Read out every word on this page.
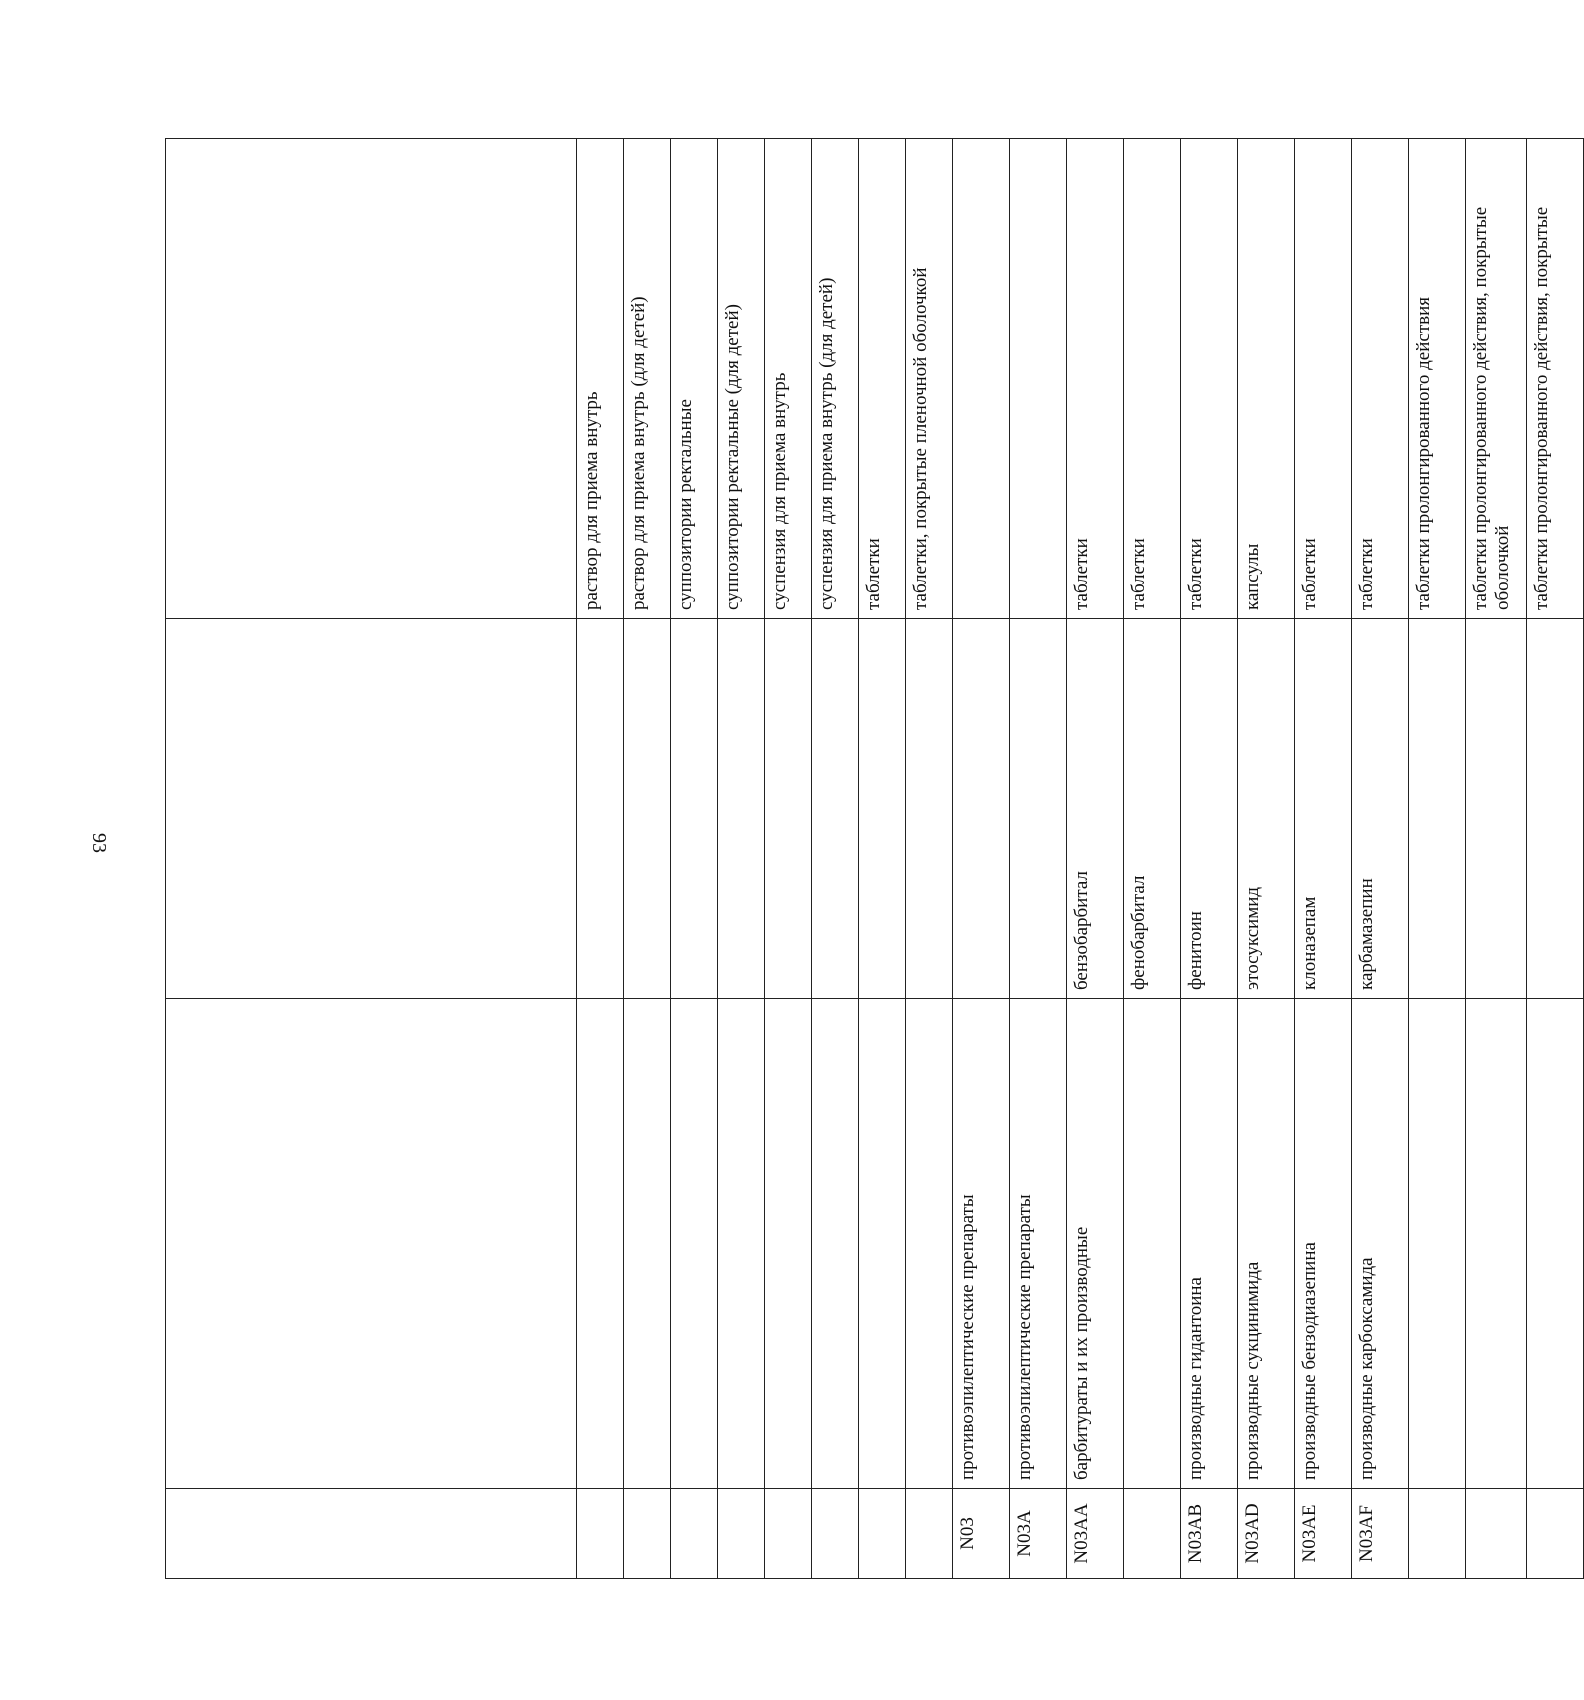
93

			раствор для приема внутрь
			раствор для приема внутрь (для детей)
			суппозитории ректальные
			суппозитории ректальные (для детей)
			суспензия для приема внутрь
			суспензия для приема внутрь (для детей)
			таблетки
			таблетки, покрытые пленочной оболочкой
N03	противоэпилептические препараты		
N03A	противоэпилептические препараты		
N03AA	барбитураты и их производные	бензобарбитал	таблетки
		фенобарбитал	таблетки
N03AB	производные гидантоина	фенитоин	таблетки
N03AD	производные сукцинимида	этосуксимид	капсулы
N03AE	производные бензодиазепина	клоназепам	таблетки
N03AF	производные карбоксамида	карбамазепин	таблетки
			таблетки пролонгированного действия
			таблетки пролонгированного действия, покрытые оболочкой
			таблетки пролонгированного действия, покрытые
